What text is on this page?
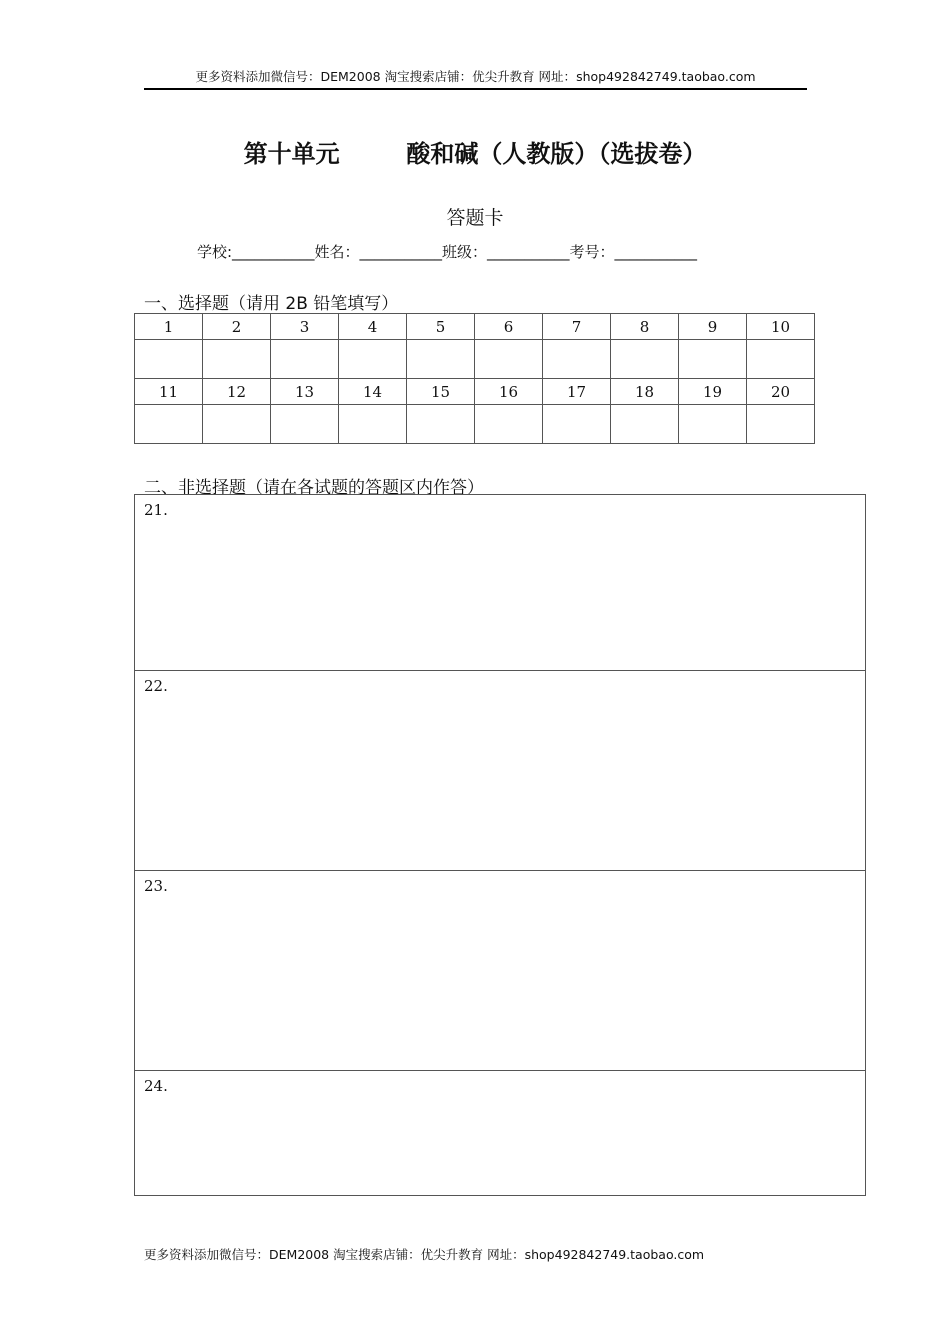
更多资料添加微信号：DEM2008 淘宝搜索店铺：优尖升教育 网址：shop492842749.taobao.com
第十单元        酸和碱（人教版）（选拔卷）
答题卡
学校:___________姓名：___________班级：___________考号：___________
一、选择题（请用 2B 铅笔填写）
1	2	3	4	5	6	7	8	9	10

11	12	13	14	15	16	17	18	19	20

二、非选择题（请在各试题的答题区内作答）
21.
22.
23.
24.
更多资料添加微信号：DEM2008 淘宝搜索店铺：优尖升教育 网址：shop492842749.taobao.com
